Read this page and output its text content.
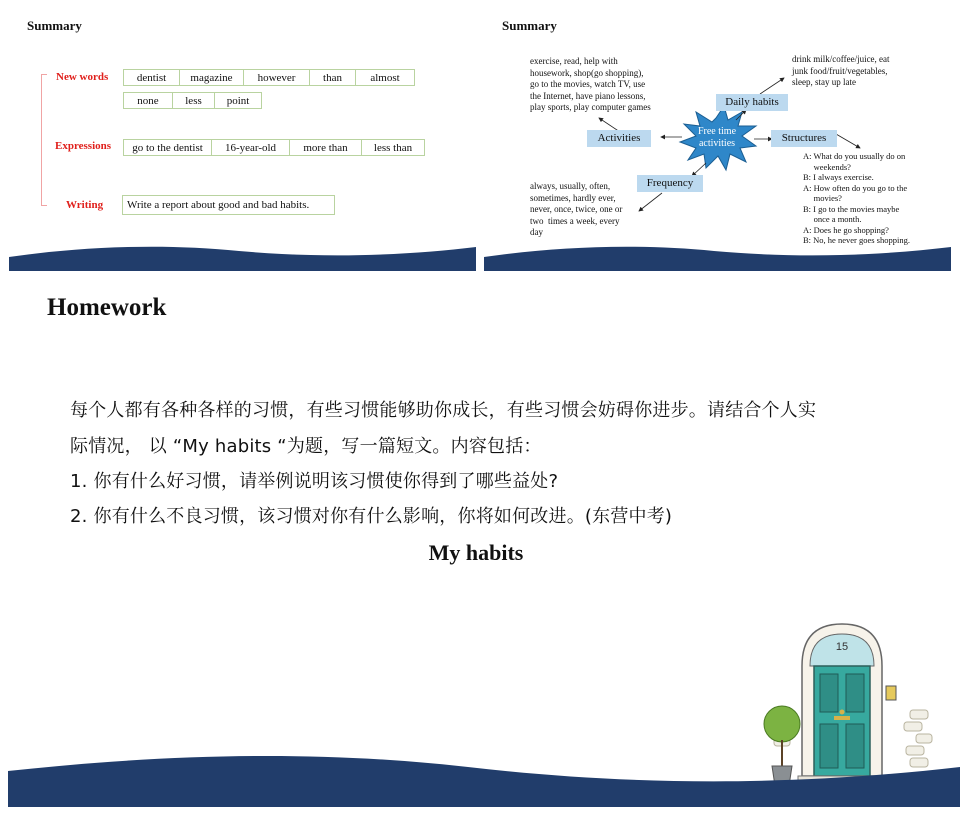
Summary
New words	dentist	magazine	however	than	almost
none	less	point
Expressions	go to the dentist	16-year-old	more than	less than
Writing	Write a report about good and bad habits.
Summary
exercise, read, help with
housework, shop(go shopping),
go to the movies, watch TV, use
the Internet, have piano lessons,
play sports, play computer games
drink milk/coffee/juice, eat
junk food/fruit/vegetables,
sleep, stay up late
always, usually, often,
sometimes, hardly ever,
never, once, twice, one or
two  times a week, every
day
A: What do you usually do on
weekends?
B: I always exercise.
A: How often do you go to the
movies?
B: I go to the movies maybe
once a month.
A: Does he go shopping?
B: No, he never goes shopping.
Free time activities
Activities
Daily habits
Structures
Frequency
Homework
每个人都有各种各样的习惯，有些习惯能够助你成长，有些习惯会妨碍你进步。请结合个人实
际情况， 以 “My habits “为题，写一篇短文。内容包括：
1. 你有什么好习惯，请举例说明该习惯使你得到了哪些益处?
2. 你有什么不良习惯，该习惯对你有什么影响，你将如何改进。(东营中考)
My habits
15
